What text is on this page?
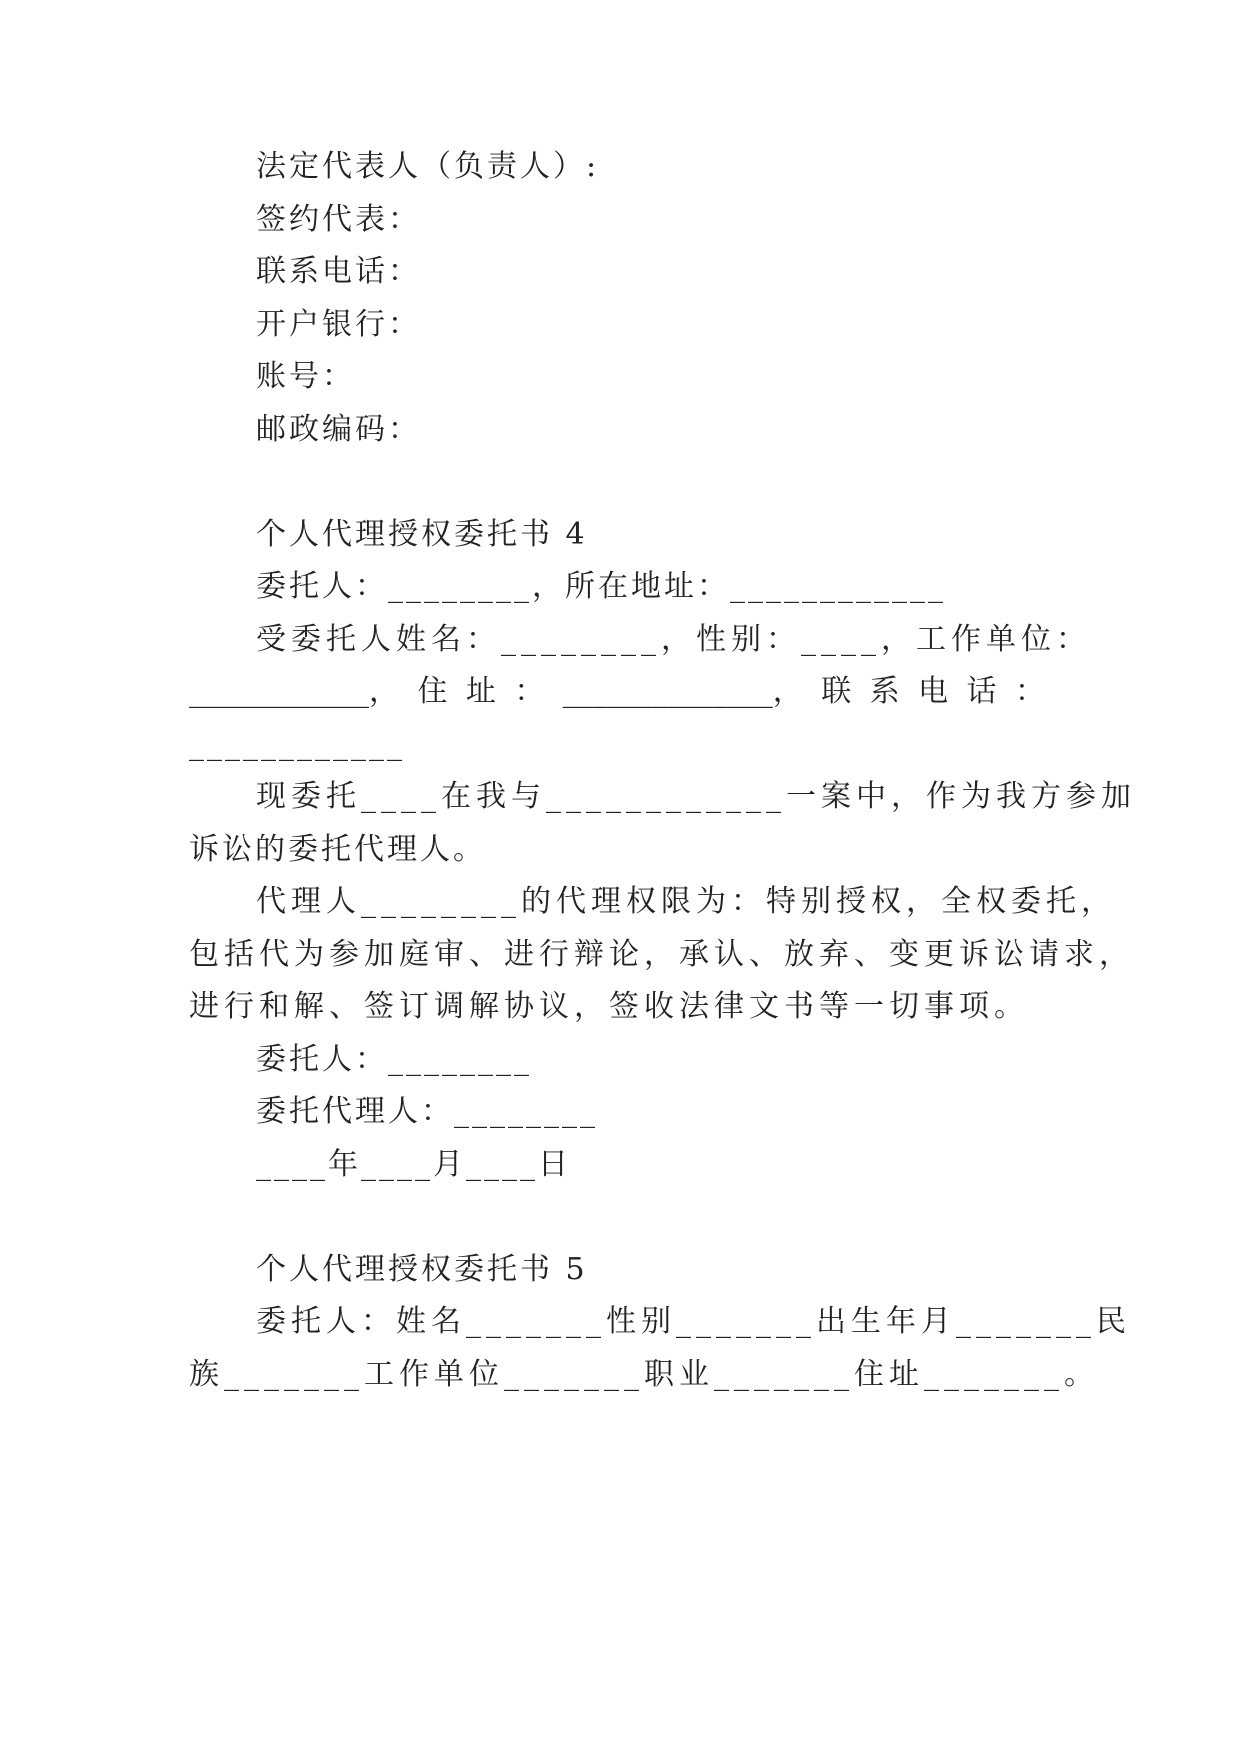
法定代表人（负责人）:
签约代表：
联系电话：
开户银行：
账号：
邮政编码：
个人代理授权委托书 4
委托人：________，所在地址：____________
受委托人姓名：________，性别：____，工作单位：
____________， 住 址 ： ______________， 联 系 电 话 ：
____________
现委托____在我与____________一案中，作为我方参加
诉讼的委托代理人。
代理人________的代理权限为：特别授权，全权委托，
包括代为参加庭审、进行辩论，承认、放弃、变更诉讼请求，
进行和解、签订调解协议，签收法律文书等一切事项。
委托人：________
委托代理人：________
____年____月____日
个人代理授权委托书 5
委托人：姓名_______性别_______出生年月_______民
族_______工作单位_______职业_______住址_______。
